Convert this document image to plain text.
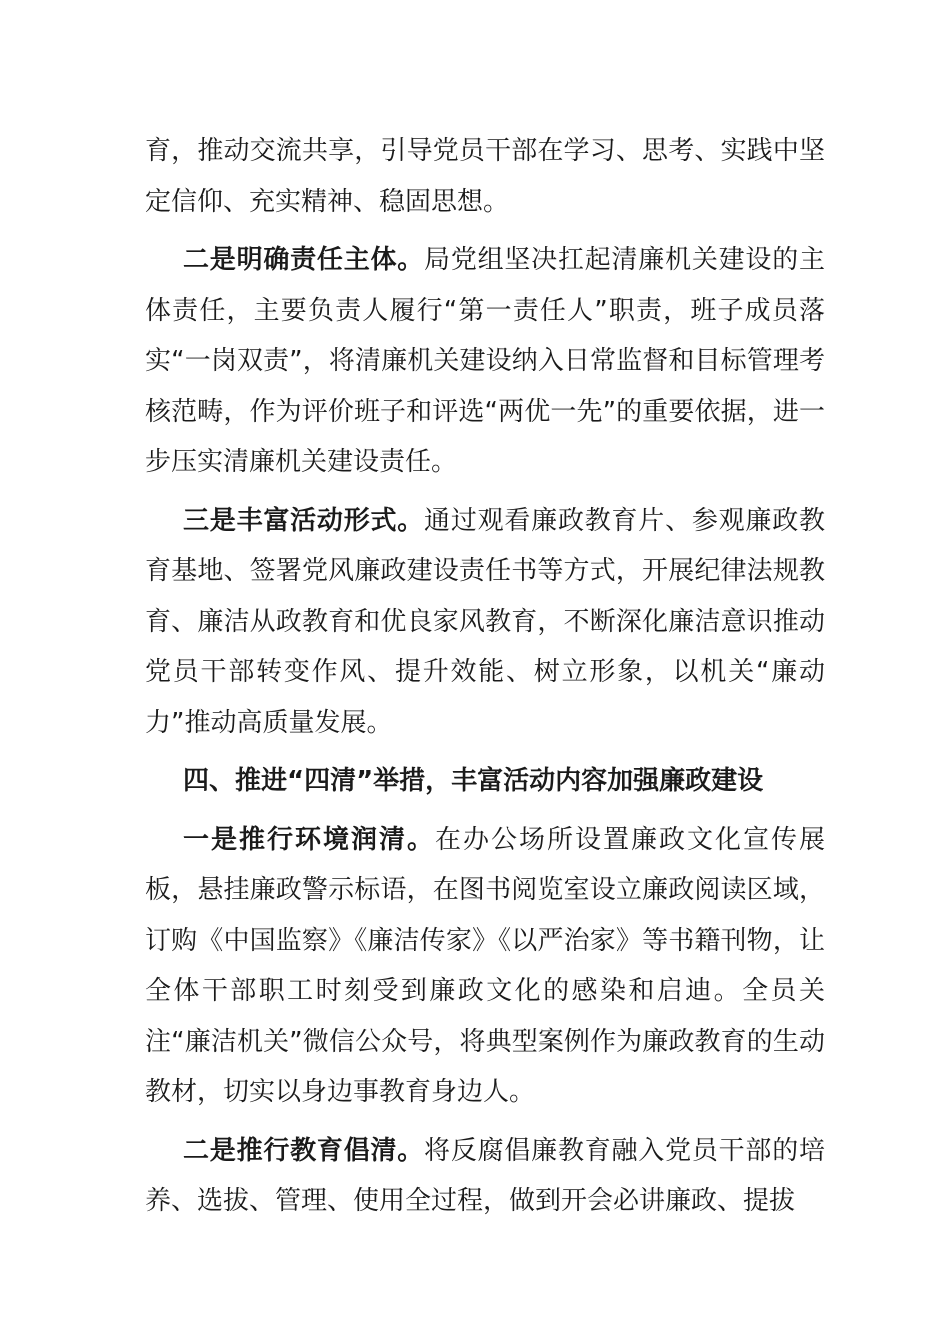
育，推动交流共享，引导党员干部在学习、思考、实践中坚定信仰、充实精神、稳固思想。

二是明确责任主体。局党组坚决扛起清廉机关建设的主体责任，主要负责人履行“第一责任人”职责，班子成员落实“一岗双责”，将清廉机关建设纳入日常监督和目标管理考核范畴，作为评价班子和评选“两优一先”的重要依据，进一步压实清廉机关建设责任。

三是丰富活动形式。通过观看廉政教育片、参观廉政教育基地、签署党风廉政建设责任书等方式，开展纪律法规教育、廉洁从政教育和优良家风教育，不断深化廉洁意识推动党员干部转变作风、提升效能、树立形象，以机关“廉动力”推动高质量发展。

四、推进“四清”举措，丰富活动内容加强廉政建设

一是推行环境润清。在办公场所设置廉政文化宣传展板，悬挂廉政警示标语，在图书阅览室设立廉政阅读区域，订购《中国监察》《廉洁传家》《以严治家》等书籍刊物，让全体干部职工时刻受到廉政文化的感染和启迪。全员关注“廉洁机关”微信公众号，将典型案例作为廉政教育的生动教材，切实以身边事教育身边人。

二是推行教育倡清。将反腐倡廉教育融入党员干部的培养、选拔、管理、使用全过程，做到开会必讲廉政、提拔
